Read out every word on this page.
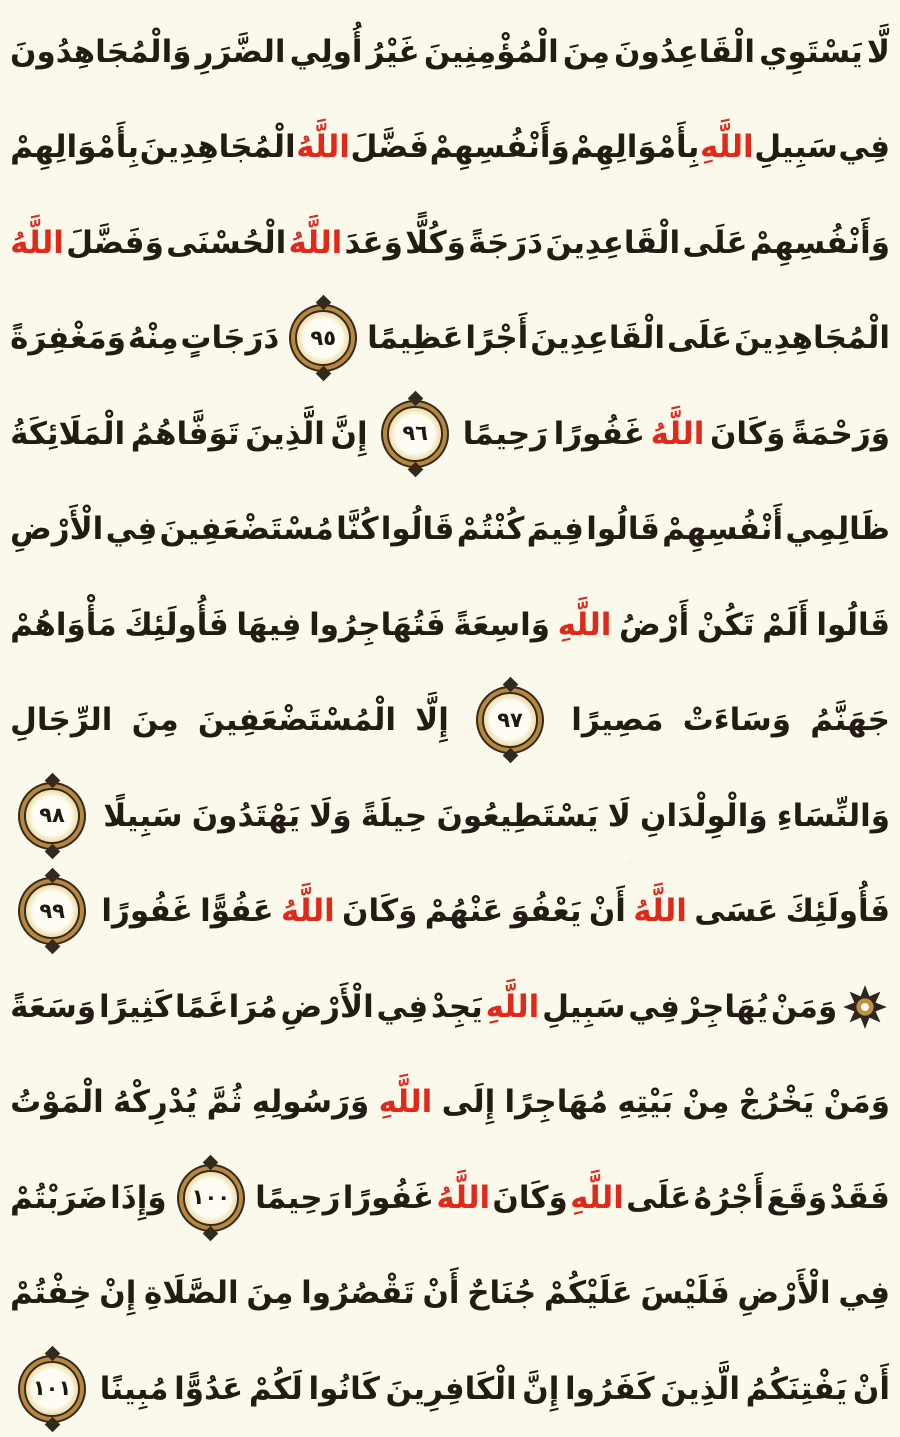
لَّا
يَسْتَوِي
الْقَاعِدُونَ
مِنَ
الْمُؤْمِنِينَ
غَيْرُ
أُولِي
الضَّرَرِ
وَالْمُجَاهِدُونَ
فِي
سَبِيلِ
اللَّهِ
بِأَمْوَالِهِمْ
وَأَنْفُسِهِمْ
فَضَّلَ
اللَّهُ
الْمُجَاهِدِينَ
بِأَمْوَالِهِمْ
وَأَنْفُسِهِمْ
عَلَى
الْقَاعِدِينَ
دَرَجَةً
وَكُلًّا
وَعَدَ
اللَّهُ
الْحُسْنَى
وَفَضَّلَ
اللَّهُ
الْمُجَاهِدِينَ
عَلَى
الْقَاعِدِينَ
أَجْرًا
عَظِيمًا
٩٥
دَرَجَاتٍ
مِنْهُ
وَمَغْفِرَةً
وَرَحْمَةً
وَكَانَ
اللَّهُ
غَفُورًا
رَحِيمًا
٩٦
إِنَّ
الَّذِينَ
تَوَفَّاهُمُ
الْمَلَائِكَةُ
ظَالِمِي
أَنْفُسِهِمْ
قَالُوا
فِيمَ
كُنْتُمْ
قَالُوا
كُنَّا
مُسْتَضْعَفِينَ
فِي
الْأَرْضِ
قَالُوا
أَلَمْ
تَكُنْ
أَرْضُ
اللَّهِ
وَاسِعَةً
فَتُهَاجِرُوا
فِيهَا
فَأُولَئِكَ
مَأْوَاهُمْ
جَهَنَّمُ
وَسَاءَتْ
مَصِيرًا
٩٧
إِلَّا
الْمُسْتَضْعَفِينَ
مِنَ
الرِّجَالِ
وَالنِّسَاءِ
وَالْوِلْدَانِ
لَا
يَسْتَطِيعُونَ
حِيلَةً
وَلَا
يَهْتَدُونَ
سَبِيلًا
٩٨
فَأُولَئِكَ
عَسَى
اللَّهُ
أَنْ
يَعْفُوَ
عَنْهُمْ
وَكَانَ
اللَّهُ
عَفُوًّا
غَفُورًا
٩٩
وَمَنْ
يُهَاجِرْ
فِي
سَبِيلِ
اللَّهِ
يَجِدْ
فِي
الْأَرْضِ
مُرَاغَمًا
كَثِيرًا
وَسَعَةً
وَمَنْ
يَخْرُجْ
مِنْ
بَيْتِهِ
مُهَاجِرًا
إِلَى
اللَّهِ
وَرَسُولِهِ
ثُمَّ
يُدْرِكْهُ
الْمَوْتُ
فَقَدْ
وَقَعَ
أَجْرُهُ
عَلَى
اللَّهِ
وَكَانَ
اللَّهُ
غَفُورًا
رَحِيمًا
١٠٠
وَإِذَا
ضَرَبْتُمْ
فِي
الْأَرْضِ
فَلَيْسَ
عَلَيْكُمْ
جُنَاحٌ
أَنْ
تَقْصُرُوا
مِنَ
الصَّلَاةِ
إِنْ
خِفْتُمْ
أَنْ
يَفْتِنَكُمُ
الَّذِينَ
كَفَرُوا
إِنَّ
الْكَافِرِينَ
كَانُوا
لَكُمْ
عَدُوًّا
مُبِينًا
١٠١
